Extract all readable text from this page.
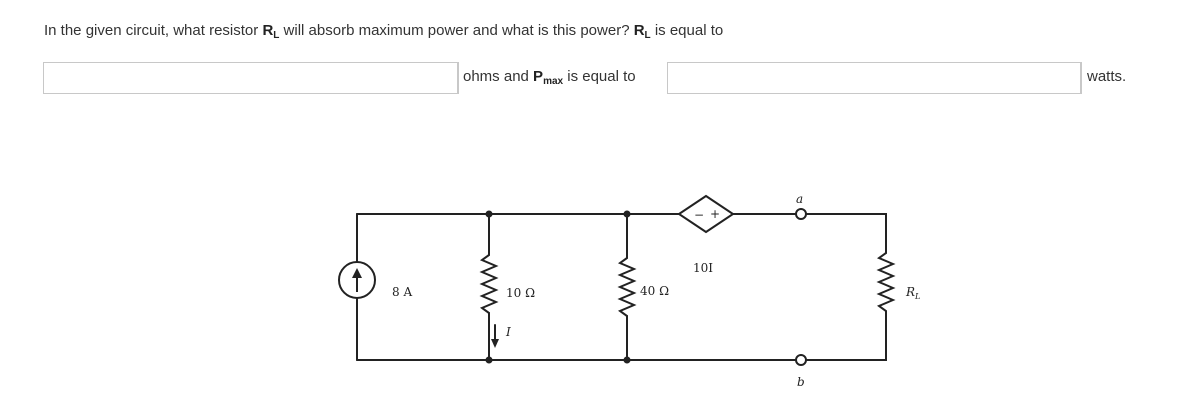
In the given circuit, what resistor $R_L$ will absorb maximum power and what is this power? $R_L$ is equal to
ohms and $P_{max}$ is equal to	watts.
8 A	10 Ω
I
40 Ω
10I
− +
a
b
$R_L$
